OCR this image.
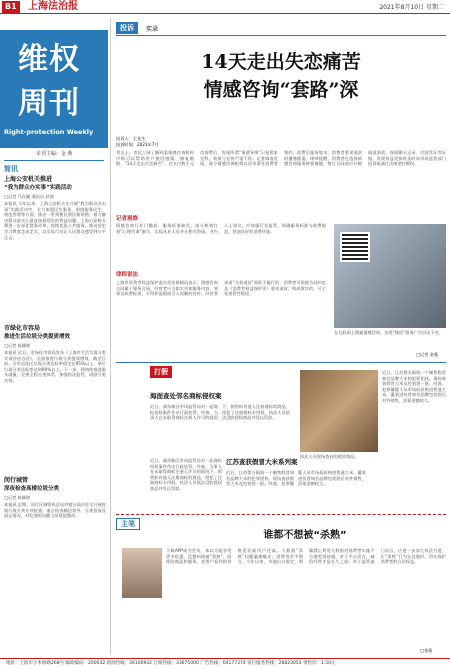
B1	上海法治报	2021年8月10日 星期二
维权
周刊
Right-protection Weekly
本刊主编：金 燕
简讯
上海公安机关推进
“我为群众办实事”实践活动
□记者 马在颖 通讯员 赵倩
本报讯 今年以来，上海公安机关在开展“我为群众办实事”实践活动中，全力加强民生服务，围绕服务民生、规范管理等方面，推出一系列便民利民新举措，着力解决群众最关心最直接最现实的利益问题。上海公安机关将进一步深化警务改革，持续优化公共服务，推动党史学习教育走深走实，以实际行动让人民群众感受到公平正义。
市绿化市容局
推进生活垃圾分类提质增效
□记者 陈颖婷
本报讯 近日，市绿化市容局发布《上海市生活垃圾分类实效评估办法》，全面推进垃圾分类提质增效。截至目前，全市居住区垃圾分类达标率稳定在95%以上，单位垃圾分类达标率达到90%以上。下一步，将持续推进源头减量，完善全程分类体系，加强执法监管，巩固分类实效。
闵行城管
深夜检查高楼垃圾分类
□记者 陈颖婷
本报讯 近期，闵行区城管执法局对辖区高层住宅开展夜间垃圾分类专项检查，重点检查桶边督导、分类投放及清运情况，对发现的问题当场督促整改。
投诉	实录
14天走出失恋痛苦
情感咨询“套路”深
投诉人：王先生
投诉时间：2021年7月
刘女士，市民上网了解到某情感咨询机构声称可以帮助用户挽回感情、修复婚姻，“14天走出失恋痛苦”。在支付数千元咨询费后，发现所谓“情感导师”只是照本宣科，效果与宣传严重不符。记者调查发现，部分情感咨询机构以话术诱导消费者签约，收费后服务缩水，消费者要求退款时遭遇推诿。律师提醒，消费者在选择情感咨询服务时要谨慎，签订合同前应仔细阅读条款，保留聊天记录、付款凭证等证据，发现权益受损时及时向市场监管部门投诉或通过法律途径维权。
记者观察
情感咨询行业门槛低、服务标准缺失，部分机构打着“心理咨询”旗号，实际从业人员并无相关资质。业内人士建议，应加强行业监管，明确服务标准与收费规范，营造良好的消费环境。
律师说法
上海市消费者权益保护委员会法律顾问表示，情感咨询合同属于服务合同，经营者应当如实告知服务内容、效果及收费标准，不得作虚假或引人误解的宣传。经营者承诺“无效退款”却拒不履行的，消费者可依据合同约定及《消费者权益保护法》要求退款；构成欺诈的，可主张惩罚性赔偿。
在互联网上搜索情感咨询，各类“挽回”服务广告层出不穷。
□记者 金燕
打假
海面查处邻名商标侵权案
近日，浦东新区市场监管局对一起商标侵权案件作出行政处罚。经查，当事人在未取得商标注册人许可的情况下，销售标有他人注册商标的商品，侵犯了注册商标专用权。执法人员依法没收侵权商品并处以罚款。
江苏查获假冒大米系列案
近日，江苏警方捣毁一个制售假冒知名品牌大米的犯罪团伙，现场查获假冒大米及包装袋一批。经查，犯罪嫌疑人从市场低价购进普通大米，灌装进仿冒知名品牌包装袋后对外销售，涉案金额较大。
近日，浦东新区市场监管局对一起商标侵权案件作出行政处罚。经查，当事人在未取得商标注册人许可的情况下，销售标有他人注册商标的商品，侵犯了注册商标专用权。执法人员依法没收侵权商品并处以罚款。
执法人员现场查获的假冒商品。
近日，江苏警方捣毁一个制售假冒知名品牌大米的犯罪团伙，现场查获假冒大米及包装袋一批。经查，犯罪嫌疑人从市场低价购进普通大米，灌装进仿冒知名品牌包装袋后对外销售，涉案金额较大。
主笔
谁都不想被“杀熟”
下载APP成为会员，本以为能享受更多优惠，没想到却被“杀熟”。同样的商品和服务，老用户看到的价格竟比新用户还高。大数据“杀熟”问题屡被曝光，消费者苦不堪言。今年以来，多地出台规定，明确禁止利用大数据对消费者实施不合理差别待遇。对于平台而言，诚信经营才是长久之道；对于监管部门而言，应进一步加大执法力度，让“杀熟”行为无处遁形，切实保护消费者的合法权益。
□金燕
地址：上海市小木桥路268号 邮政编码：200032 新闻热线：34160932 订阅热线：33675000 广告热线：64177374 发行服务热线：28823053 零售价：1.50元
